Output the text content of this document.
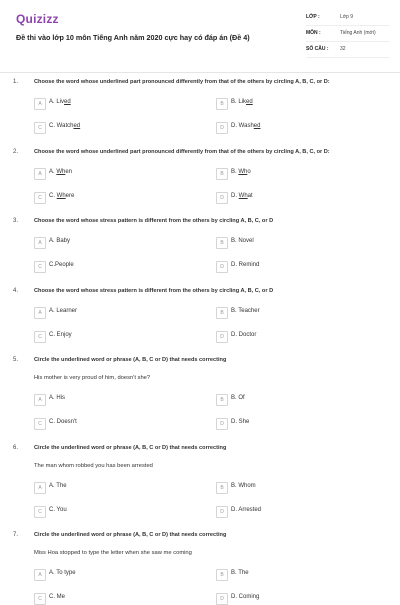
Quizizz
Đề thi vào lớp 10 môn Tiếng Anh năm 2020 cực hay có đáp án (Đề 4)
LỚP :	Lớp 9
MÔN :	Tiếng Anh (mới)
SỐ CÂU : 32
1.	Choose the word whose underlined part pronounced differently from that of the others by circling A, B, C, or D:
A	A. Lived	B	B. Liked
C	C. Watched	D	D. Washed
2.	Choose the word whose underlined part pronounced differently from that of the others by circling A, B, C, or D:
A	A. When	B	B. Who
C	C. Where	D	D. What
3.	Choose the word whose stress pattern is different from the others by circling A, B, C, or D
A	A. Baby	B	B. Novel
C	C.People	D	D. Remind
4.	Choose the word whose stress pattern is different from the others by circling A, B, C, or D
A	A. Learner	B	B. Teacher
C	C. Enjoy	D	D. Doctor
5.	Circle the underlined word or phrase (A, B, C or D) that needs correcting
His mother is very proud of him, doesn't she?
A	A. His	B	B. Of
C	C. Doesn't	D	D. She
6.	Circle the underlined word or phrase (A, B, C or D) that needs correcting
The man whom robbed you has been arrested
A	A. The	B	B. Whom
C	C. You	D	D. Arrested
7.	Circle the underlined word or phrase (A, B, C or D) that needs correcting
Miss Hoa stopped to type the letter when she saw me coming
A	A. To type	B	B. The
C	C. Me	D	D. Coming
